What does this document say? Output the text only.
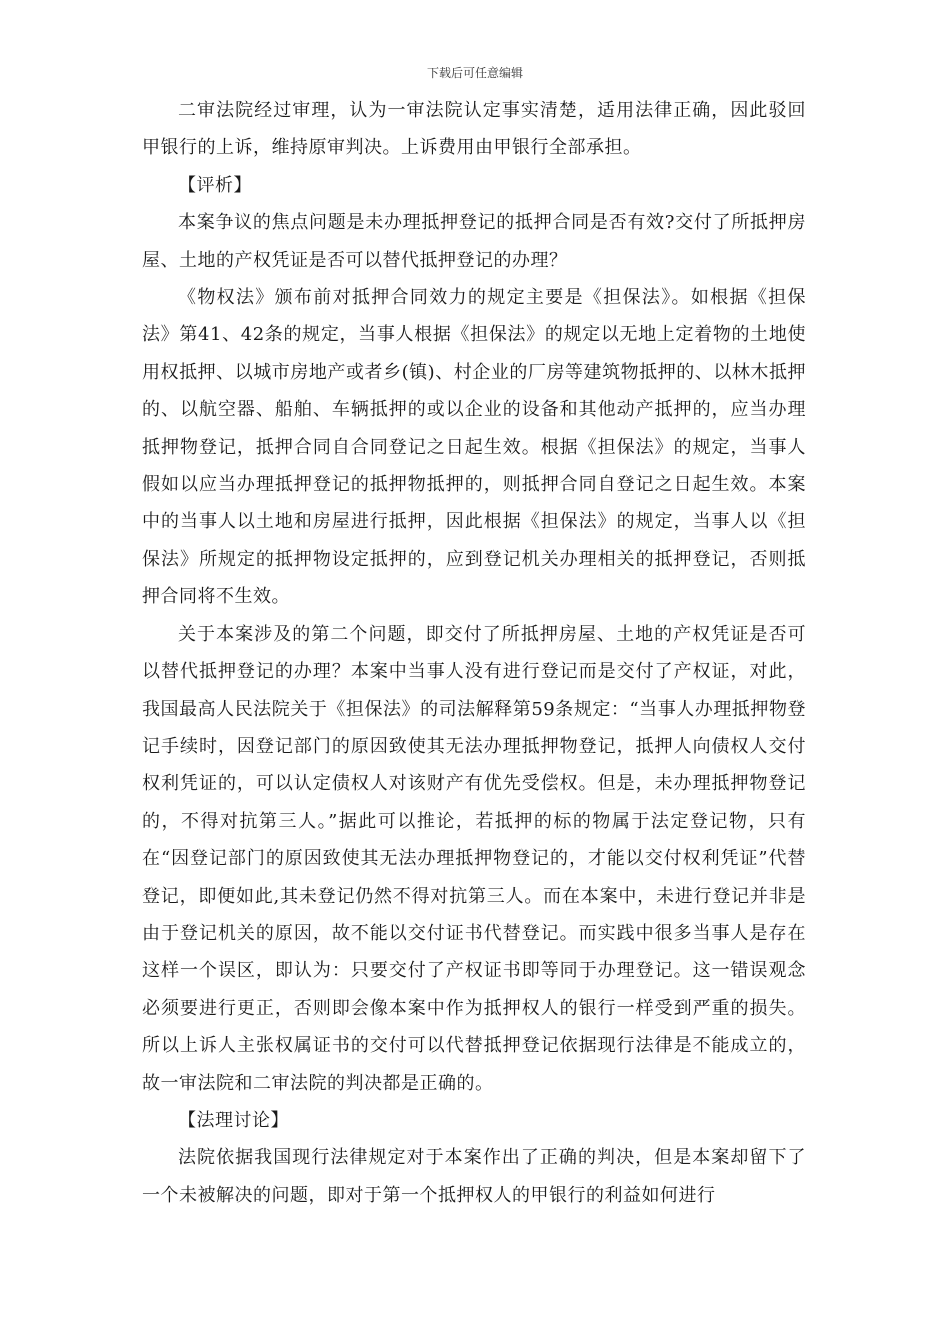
下载后可任意编辑

二审法院经过审理，认为一审法院认定事实清楚，适用法律正确，因此驳回甲银行的上诉，维持原审判决。上诉费用由甲银行全部承担。

【评析】

本案争议的焦点问题是未办理抵押登记的抵押合同是否有效?交付了所抵押房屋、土地的产权凭证是否可以替代抵押登记的办理？

《物权法》颁布前对抵押合同效力的规定主要是《担保法》。如根据《担保法》第41、42条的规定，当事人根据《担保法》的规定以无地上定着物的土地使用权抵押、以城市房地产或者乡(镇)、村企业的厂房等建筑物抵押的、以林木抵押的、以航空器、船舶、车辆抵押的或以企业的设备和其他动产抵押的，应当办理抵押物登记，抵押合同自合同登记之日起生效。根据《担保法》的规定，当事人假如以应当办理抵押登记的抵押物抵押的，则抵押合同自登记之日起生效。本案中的当事人以土地和房屋进行抵押，因此根据《担保法》的规定，当事人以《担保法》所规定的抵押物设定抵押的，应到登记机关办理相关的抵押登记，否则抵押合同将不生效。

关于本案涉及的第二个问题，即交付了所抵押房屋、土地的产权凭证是否可以替代抵押登记的办理？本案中当事人没有进行登记而是交付了产权证，对此，我国最高人民法院关于《担保法》的司法解释第59条规定：“当事人办理抵押物登记手续时，因登记部门的原因致使其无法办理抵押物登记，抵押人向债权人交付权利凭证的，可以认定债权人对该财产有优先受偿权。但是，未办理抵押物登记的，不得对抗第三人。”据此可以推论，若抵押的标的物属于法定登记物，只有在“因登记部门的原因致使其无法办理抵押物登记的，才能以交付权利凭证”代替登记，即便如此,其未登记仍然不得对抗第三人。而在本案中，未进行登记并非是由于登记机关的原因，故不能以交付证书代替登记。而实践中很多当事人是存在这样一个误区，即认为：只要交付了产权证书即等同于办理登记。这一错误观念必须要进行更正，否则即会像本案中作为抵押权人的银行一样受到严重的损失。所以上诉人主张权属证书的交付可以代替抵押登记依据现行法律是不能成立的，故一审法院和二审法院的判决都是正确的。

【法理讨论】

法院依据我国现行法律规定对于本案作出了正确的判决，但是本案却留下了一个未被解决的问题，即对于第一个抵押权人的甲银行的利益如何进行
